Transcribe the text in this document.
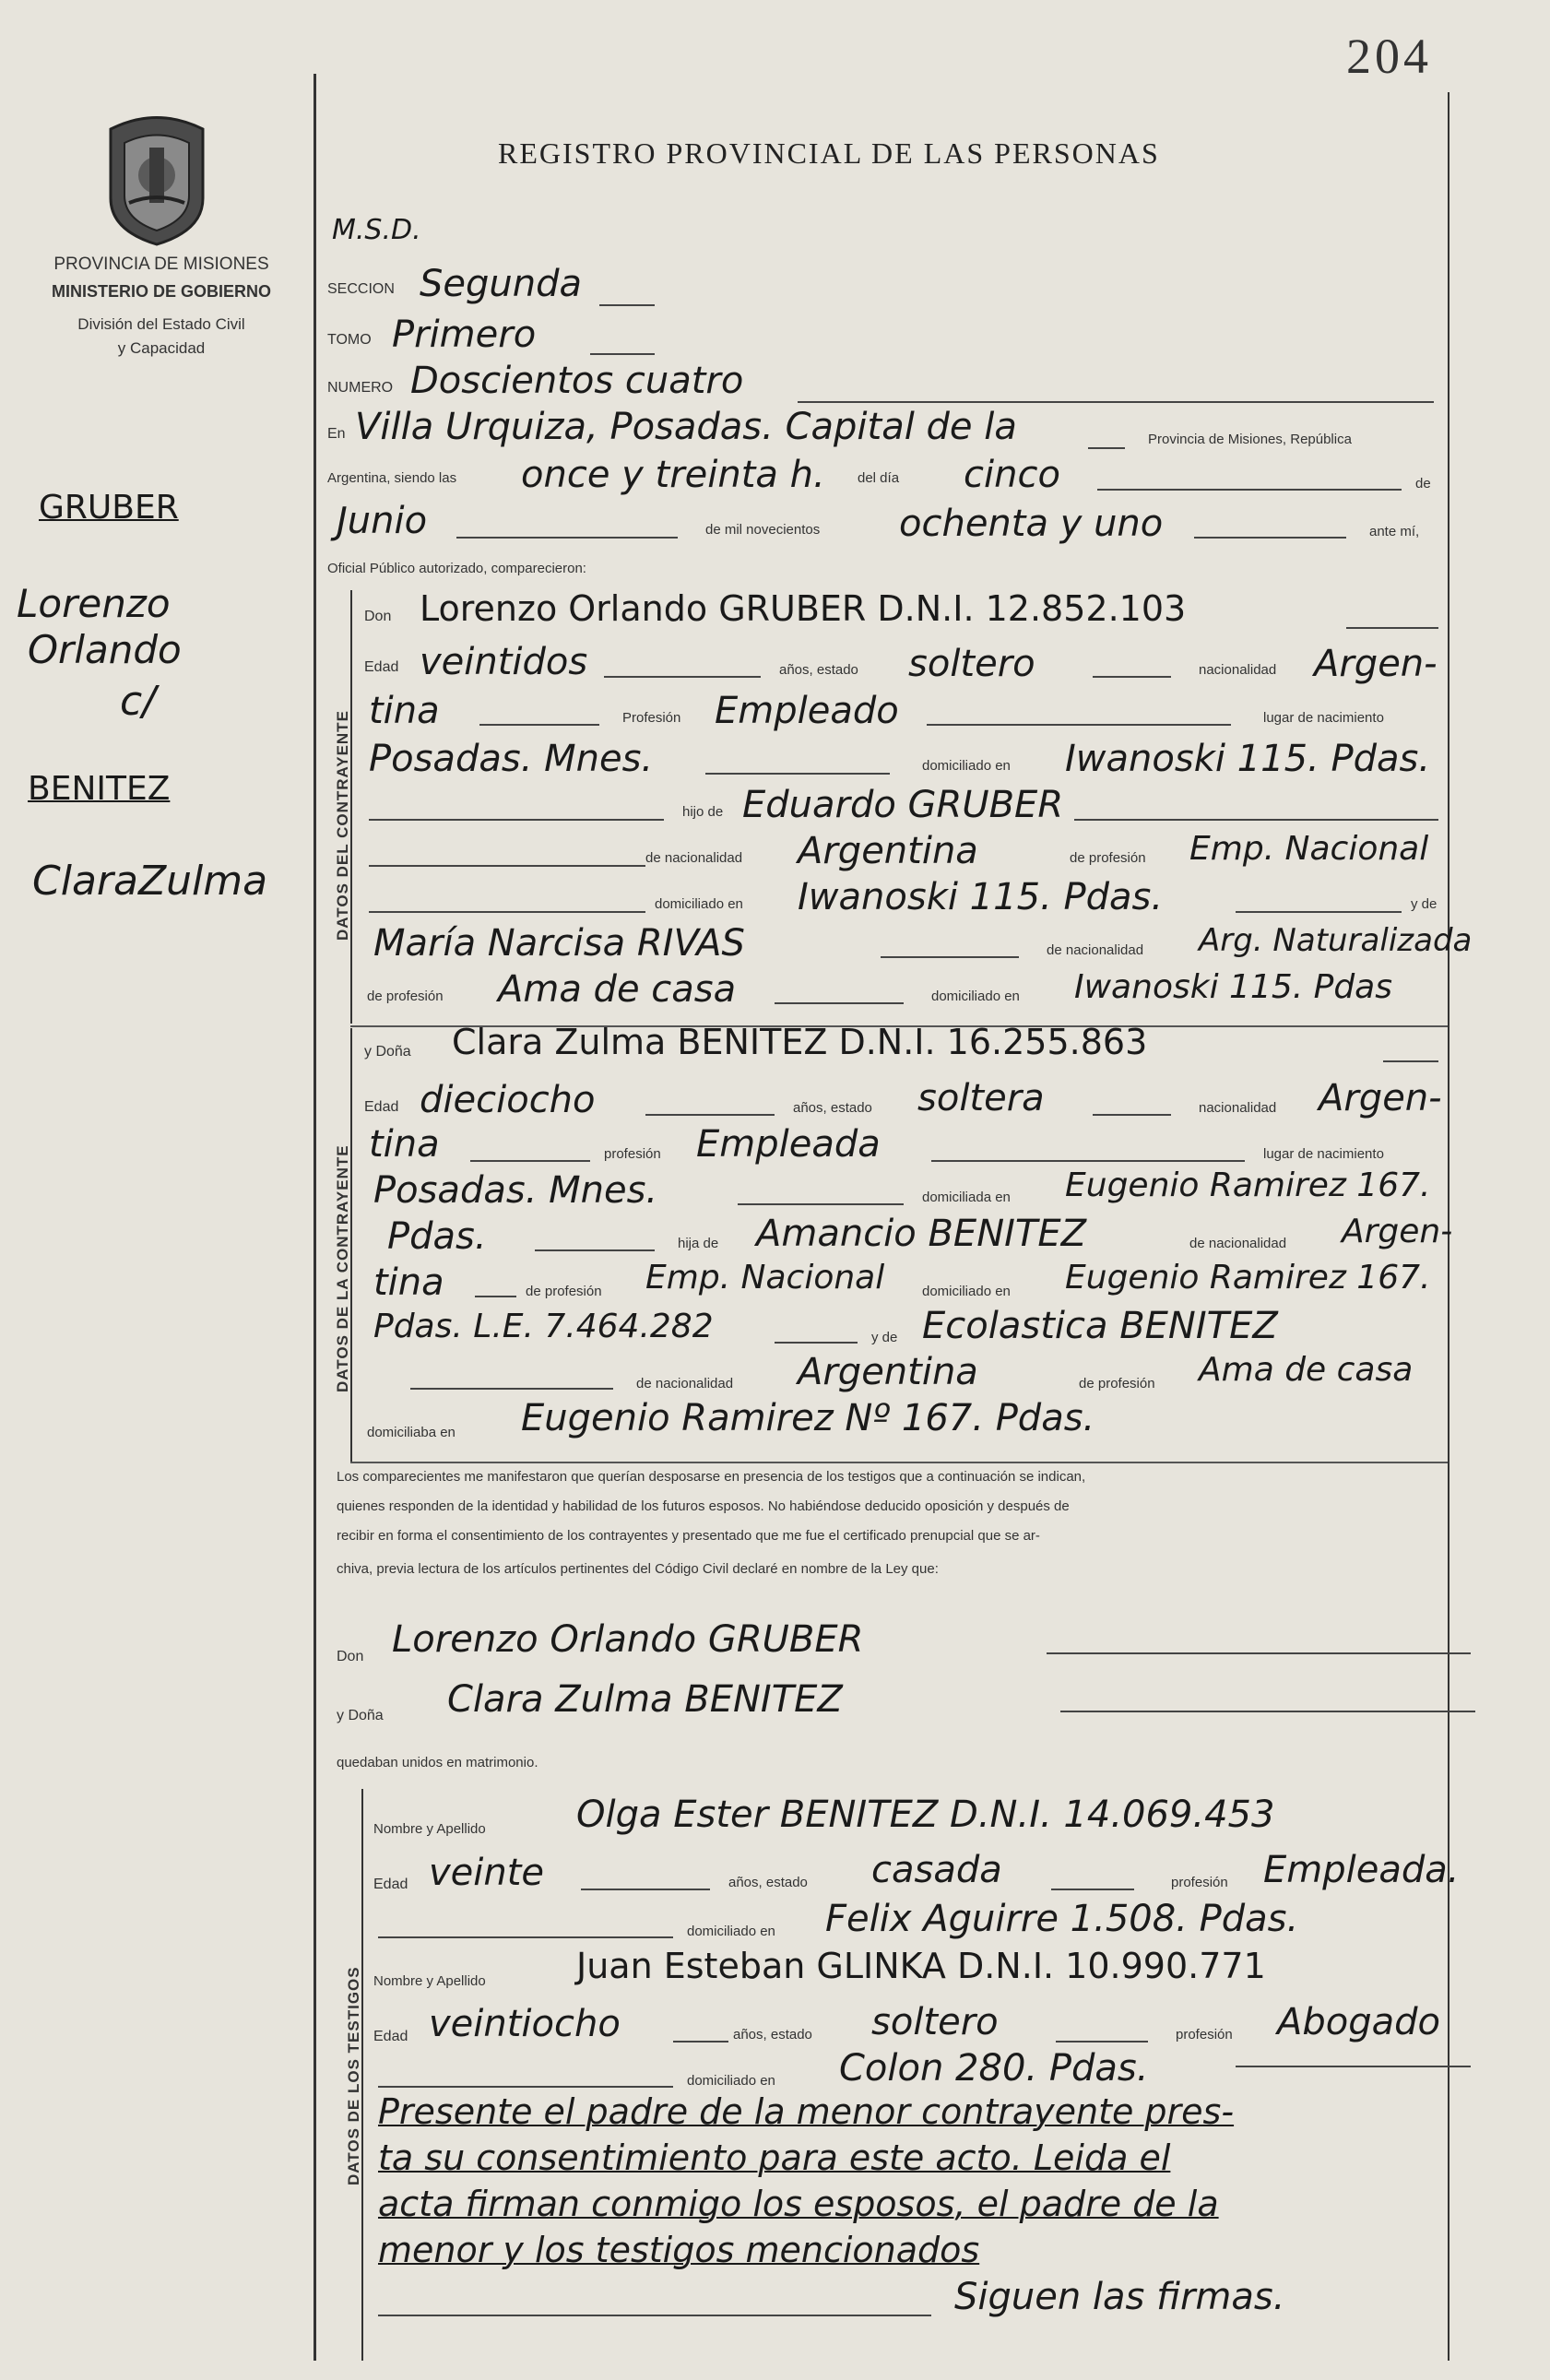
204
PROVINCIA DE MISIONES
MINISTERIO DE GOBIERNO
División del Estado Civil
y Capacidad
REGISTRO PROVINCIAL DE LAS PERSONAS
GRUBER
Lorenzo
Orlando
c/
BENITEZ
ClaraZulma
M.S.D.
SECCION Segunda
TOMO Primero
NUMERO Doscientos cuatro
En Villa Urquiza, Posadas. Capital de la	Provincia de Misiones, República
Argentina, siendo las once y treinta h. del día cinco	de
Junio	de mil novecientos ochenta y uno	ante mí,
Oficial Público autorizado, comparecieron:
DATOS DEL CONTRAYENTE
Don Lorenzo Orlando GRUBER D.N.I. 12.852.103
Edad veintidos	años, estado soltero	nacionalidad Argen-
tina	Profesión Empleado	lugar de nacimiento
Posadas. Mnes.	domiciliado en Iwanoski 115. Pdas.
hijo de Eduardo GRUBER
de nacionalidad Argentina	de profesión Emp. Nacional
domiciliado en Iwanoski 115. Pdas.	y de
María Narcisa RIVAS	de nacionalidad Arg. Naturalizada
de profesión Ama de casa	domiciliado en Iwanoski 115. Pdas
DATOS DE LA CONTRAYENTE
y Doña Clara Zulma BENITEZ D.N.I. 16.255.863
Edad dieciocho	años, estado soltera	nacionalidad Argen-
tina	profesión Empleada	lugar de nacimiento
Posadas. Mnes.	domiciliada en Eugenio Ramirez 167.
Pdas.	hija de Amancio BENITEZ	de nacionalidad Argen-
tina	de profesión Emp. Nacional	domiciliado en Eugenio Ramirez 167.
Pdas. L.E. 7.464.282	y de Ecolastica BENITEZ
de nacionalidad Argentina	de profesión Ama de casa
domiciliaba en Eugenio Ramirez Nº 167. Pdas.
Los comparecientes me manifestaron que querían desposarse en presencia de los testigos que a continuación se indican,
quienes responden de la identidad y habilidad de los futuros esposos. No habiéndose deducido oposición y después de
recibir en forma el consentimiento de los contrayentes y presentado que me fue el certificado prenupcial que se ar-
chiva, previa lectura de los artículos pertinentes del Código Civil declaré en nombre de la Ley que:
Don Lorenzo Orlando GRUBER
y Doña Clara Zulma BENITEZ
quedaban unidos en matrimonio.
DATOS DE LOS TESTIGOS
Nombre y Apellido Olga Ester BENITEZ D.N.I. 14.069.453
Edad veinte	años, estado casada	profesión Empleada.
domiciliado en Felix Aguirre 1.508. Pdas.
Nombre y Apellido	Juan Esteban GLINKA D.N.I. 10.990.771
Edad veintiocho	años, estado soltero	profesión Abogado
domiciliado en Colon 280. Pdas.
Presente el padre de la menor contrayente pres-
ta su consentimiento para este acto. Leida el
acta firman conmigo los esposos, el padre de la
menor y los testigos mencionados
Siguen las firmas.
